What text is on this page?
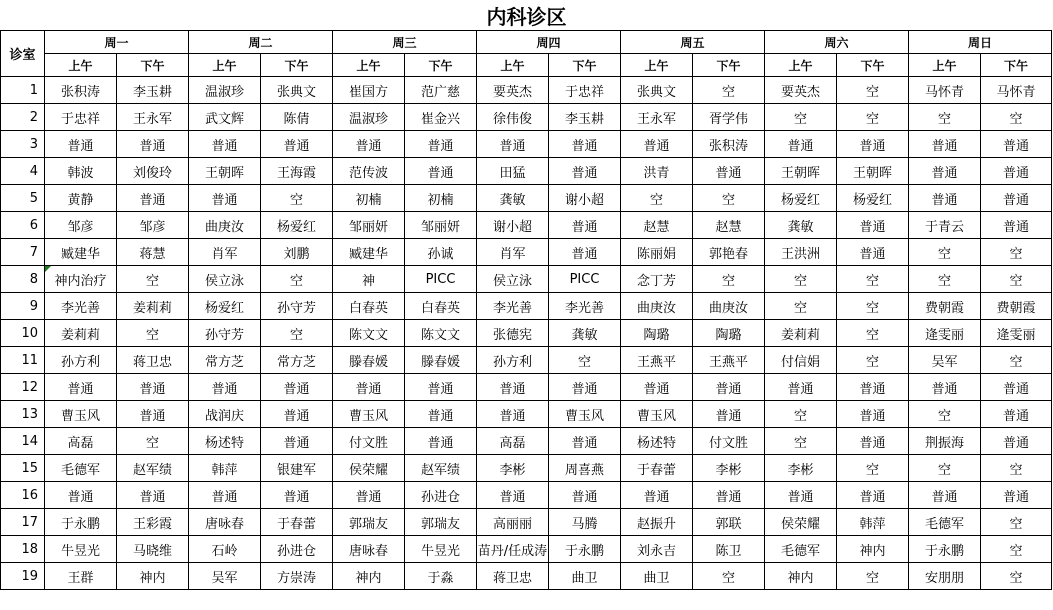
内科诊区
诊室	周一		周二		周三		周四		周五		周六		周日	
	上午	下午	上午	下午	上午	下午	上午	下午	上午	下午	上午	下午	上午	下午
1	张积涛	李玉耕	温淑珍	张典文	崔国方	范广慈	要英杰	于忠祥	张典文	空	要英杰	空	马怀青	马怀青
2	于忠祥	王永军	武文辉	陈倩	温淑珍	崔金兴	徐伟俊	李玉耕	王永军	胥学伟	空	空	空	空
3	普通	普通	普通	普通	普通	普通	普通	普通	普通	张积涛	普通	普通	普通	普通
4	韩波	刘俊玲	王朝晖	王海霞	范传波	普通	田猛	普通	洪青	普通	王朝晖	王朝晖	普通	普通
5	黄静	普通	普通	空	初楠	初楠	龚敏	谢小超	空	空	杨爱红	杨爱红	普通	普通
6	邹彦	邹彦	曲庚汝	杨爱红	邹丽妍	邹丽妍	谢小超	普通	赵慧	赵慧	龚敏	普通	于青云	普通
7	臧建华	蒋慧	肖军	刘鹏	臧建华	孙诚	肖军	普通	陈丽娟	郭艳春	王洪洲	普通	空	空
8	神内治疗	空	侯立泳	空	神	PICC	侯立泳	PICC	念丁芳	空	空	空	空	空
9	李光善	姜莉莉	杨爱红	孙守芳	白春英	白春英	李光善	李光善	曲庚汝	曲庚汝	空	空	费朝霞	费朝霞
10	姜莉莉	空	孙守芳	空	陈文文	陈文文	张德宪	龚敏	陶璐	陶璐	姜莉莉	空	逄雯丽	逄雯丽
11	孙方利	蒋卫忠	常方芝	常方芝	滕春媛	滕春媛	孙方利	空	王燕平	王燕平	付信娟	空	吴军	空
12	普通	普通	普通	普通	普通	普通	普通	普通	普通	普通	普通	普通	普通	普通
13	曹玉风	普通	战润庆	普通	曹玉风	普通	普通	曹玉风	曹玉风	普通	空	普通	空	普通
14	高磊	空	杨述特	普通	付文胜	普通	高磊	普通	杨述特	付文胜	空	普通	荆振海	普通
15	毛德军	赵军绩	韩萍	银建军	侯荣耀	赵军绩	李彬	周喜燕	于春蕾	李彬	李彬	空	空	空
16	普通	普通	普通	普通	普通	孙进仓	普通	普通	普通	普通	普通	普通	普通	普通
17	于永鹏	王彩霞	唐咏春	于春蕾	郭瑞友	郭瑞友	高丽丽	马腾	赵振升	郭联	侯荣耀	韩萍	毛德军	空
18	牛昱光	马晓维	石岭	孙进仓	唐咏春	牛昱光	苗丹/任成涛	于永鹏	刘永吉	陈卫	毛德军	神内	于永鹏	空
19	王群	神内	吴军	方崇涛	神内	于淼	蒋卫忠	曲卫	曲卫	空	神内	空	安朋朋	空
